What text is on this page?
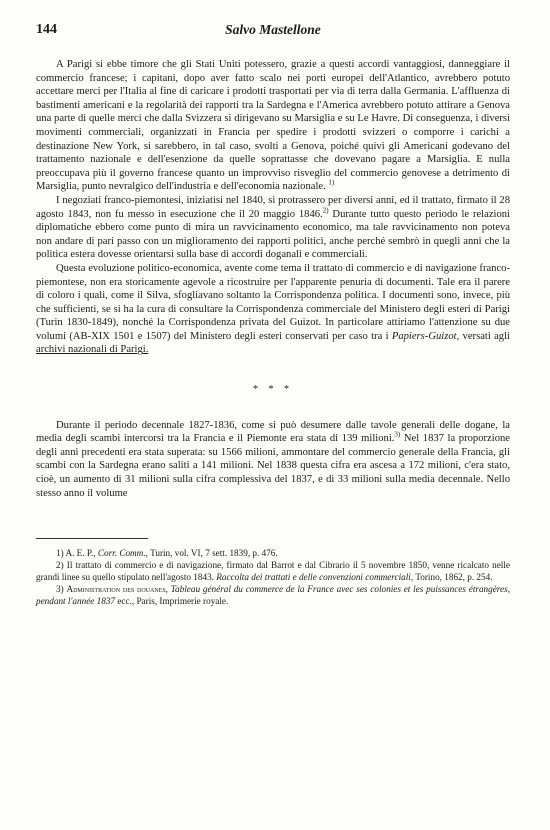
144	Salvo Mastellone

A Parigi si ebbe timore che gli Stati Uniti potessero, grazie a questi accordi vantaggiosi, danneggiare il commercio francese; i capitani, dopo aver fatto scalo nei porti europei dell'Atlantico, avrebbero potuto accettare merci per l'Italia al fine di caricare i prodotti trasportati per via di terra dalla Germania. L'affluenza di bastimenti americani e la regolarità dei rapporti tra la Sardegna e l'America avrebbero potuto attirare a Genova una parte di quelle merci che dalla Svizzera si dirigevano su Marsiglia e su Le Havre. Di conseguenza, i diversi movimenti commerciali, organizzati in Francia per spedire i prodotti svizzeri o comporre i carichi a destinazione New York, si sarebbero, in tal caso, svolti a Genova, poiché quivi gli Americani godevano del trattamento nazionale e dell'esenzione da quelle soprattasse che dovevano pagare a Marsiglia. E nulla preoccupava più il governo francese quanto un improvviso risveglio del commercio genovese a detrimento di Marsiglia, punto nevralgico dell'industria e dell'economia nazionale. $^{1)}$

I negoziati franco-piemontesi, iniziatisi nel 1840, si protrassero per diversi anni, ed il trattato, firmato il 28 agosto 1843, non fu messo in esecuzione che il 20 maggio 1846.$^{2)}$ Durante tutto questo periodo le relazioni diplomatiche ebbero come punto di mira un ravvicinamento economico, ma tale ravvicinamento non poteva non andare di pari passo con un miglioramento dei rapporti politici, anche perché sembrò in quegli anni che la politica estera dovesse orientarsi sulla base di accordi doganali e commerciali.

Questa evoluzione politico-economica, avente come tema il trattato di commercio e di navigazione franco-piemontese, non era storicamente agevole a ricostruire per l'apparente penuria di documenti. Tale era il parere di coloro i quali, come il Silva, sfogliavano soltanto la Corrispondenza politica. I documenti sono, invece, più che sufficienti, se si ha la cura di consultare la Corrispondenza commerciale del Ministero degli esteri di Parigi (Turin 1830-1849), nonché la Corrispondenza privata del Guizot. In particolare attiriamo l'attenzione su due volumi (AB-XIX 1501 e 1507) del Ministero degli esteri conservati per caso tra i Papiers-Guizot, versati agli archivi nazionali di Parigi.

* * *

Durante il periodo decennale 1827-1836, come si può desumere dalle tavole generali delle dogane, la media degli scambi intercorsi tra la Francia e il Piemonte era stata di 139 milioni.$^{3)}$ Nel 1837 la proporzione degli anni precedenti era stata superata: su 1566 milioni, ammontare del commercio generale della Francia, gli scambi con la Sardegna erano saliti a 141 milioni. Nel 1838 questa cifra era ascesa a 172 milioni, c'era stato, cioè, un aumento di 31 milioni sulla cifra complessiva del 1837, e di 33 milioni sulla media decennale. Nello stesso anno il volume

1) A. E. P., Corr. Comm., Turin, vol. VI, 7 sett. 1839, p. 476.

2) Il trattato di commercio e di navigazione, firmato dal Barrot e dal Cibrario il 5 novembre 1850, venne ricalcato nelle grandi linee su quello stipulato nell'agosto 1843. Raccolta dei trattati e delle convenzioni commerciali, Torino, 1862, p. 254.

3) Administration des douanes, Tableau général du commerce de la France avec ses colonies et les puissances étrangères, pendant l'année 1837 ecc., Paris, Imprimerie royale.
